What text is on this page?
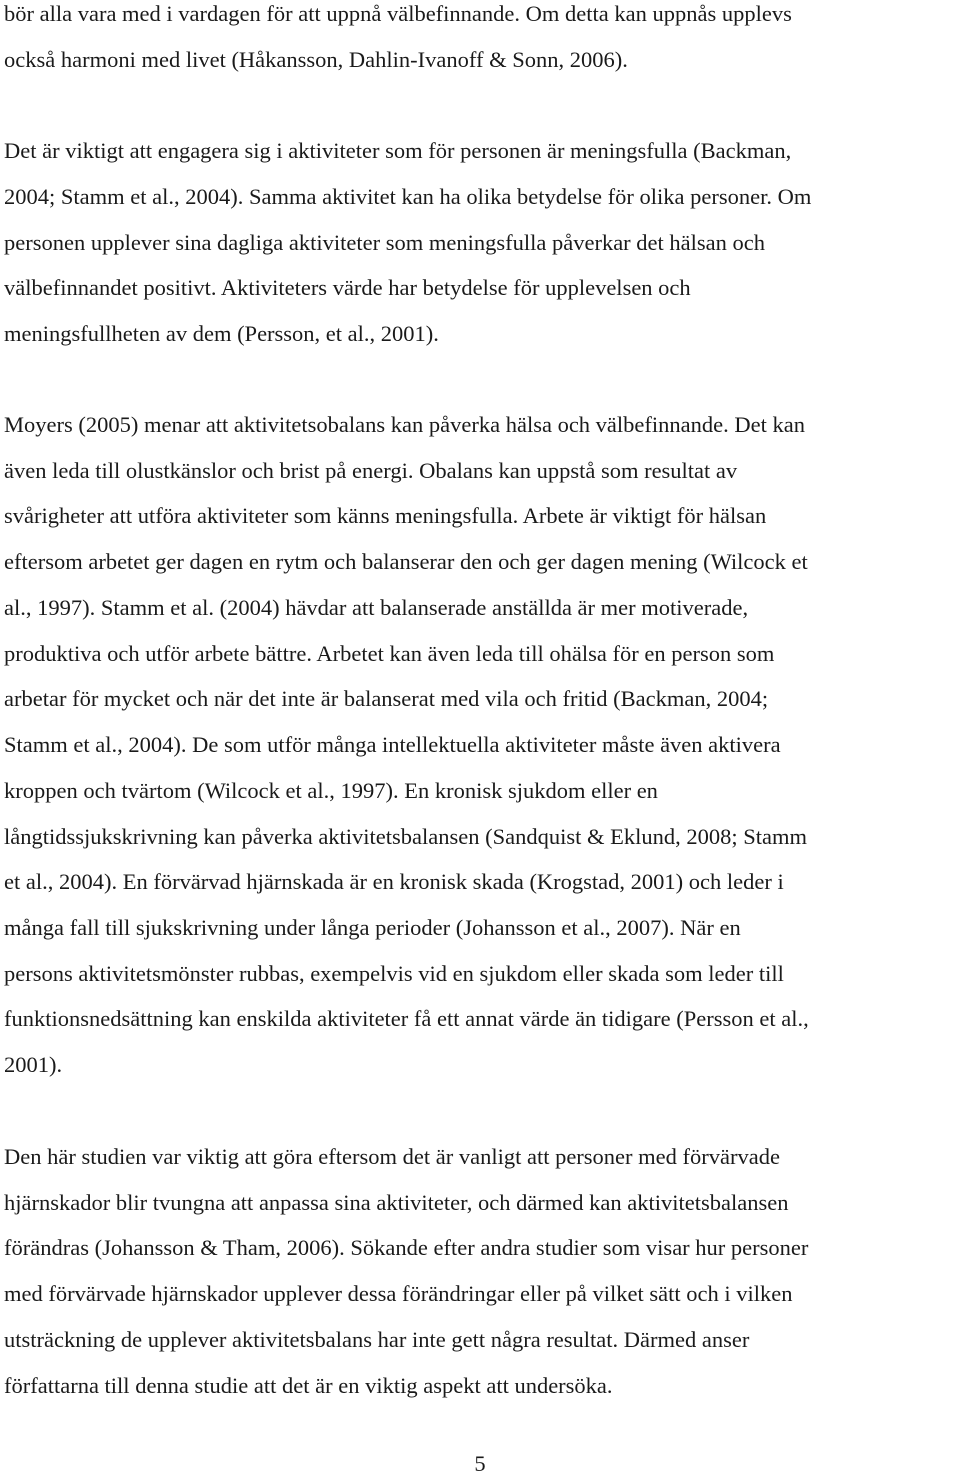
bör alla vara med i vardagen för att uppnå välbefinnande. Om detta kan uppnås upplevs
också harmoni med livet (Håkansson, Dahlin-Ivanoff & Sonn, 2006).
Det är viktigt att engagera sig i aktiviteter som för personen är meningsfulla (Backman,
2004; Stamm et al., 2004). Samma aktivitet kan ha olika betydelse för olika personer. Om
personen upplever sina dagliga aktiviteter som meningsfulla påverkar det hälsan och
välbefinnandet positivt. Aktiviteters värde har betydelse för upplevelsen och
meningsfullheten av dem (Persson, et al., 2001).
Moyers (2005) menar att aktivitetsobalans kan påverka hälsa och välbefinnande. Det kan
även leda till olustkänslor och brist på energi. Obalans kan uppstå som resultat av
svårigheter att utföra aktiviteter som känns meningsfulla. Arbete är viktigt för hälsan
eftersom arbetet ger dagen en rytm och balanserar den och ger dagen mening (Wilcock et
al., 1997). Stamm et al. (2004) hävdar att balanserade anställda är mer motiverade,
produktiva och utför arbete bättre. Arbetet kan även leda till ohälsa för en person som
arbetar för mycket och när det inte är balanserat med vila och fritid (Backman, 2004;
Stamm et al., 2004). De som utför många intellektuella aktiviteter måste även aktivera
kroppen och tvärtom (Wilcock et al., 1997). En kronisk sjukdom eller en
långtidssjukskrivning kan påverka aktivitetsbalansen (Sandquist & Eklund, 2008; Stamm
et al., 2004). En förvärvad hjärnskada är en kronisk skada (Krogstad, 2001) och leder i
många fall till sjukskrivning under långa perioder (Johansson et al., 2007). När en
persons aktivitetsmönster rubbas, exempelvis vid en sjukdom eller skada som leder till
funktionsnedsättning kan enskilda aktiviteter få ett annat värde än tidigare (Persson et al.,
2001).
Den här studien var viktig att göra eftersom det är vanligt att personer med förvärvade
hjärnskador blir tvungna att anpassa sina aktiviteter, och därmed kan aktivitetsbalansen
förändras (Johansson & Tham, 2006). Sökande efter andra studier som visar hur personer
med förvärvade hjärnskador upplever dessa förändringar eller på vilket sätt och i vilken
utsträckning de upplever aktivitetsbalans har inte gett några resultat. Därmed anser
författarna till denna studie att det är en viktig aspekt att undersöka.
5
